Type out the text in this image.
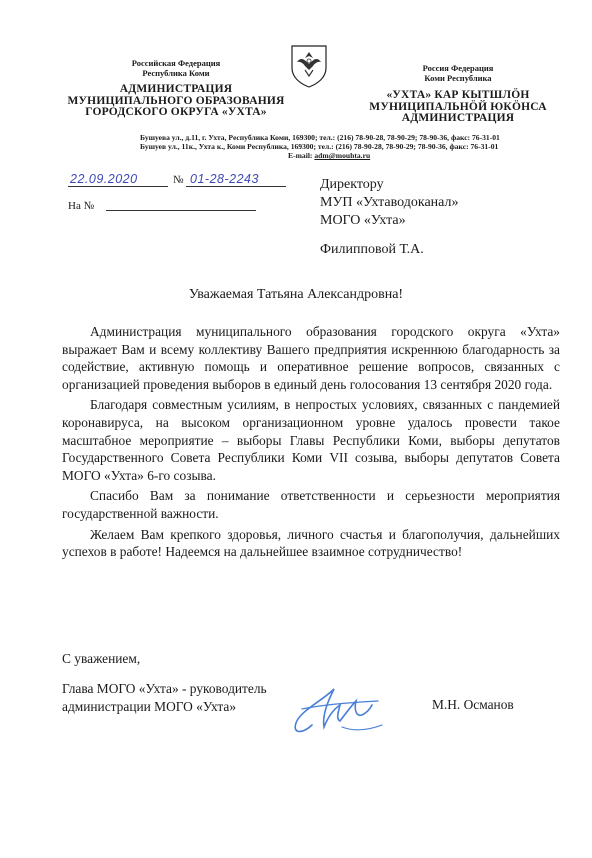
Российская Федерация
Республика Коми
АДМИНИСТРАЦИЯ
МУНИЦИПАЛЬНОГО ОБРАЗОВАНИЯ
ГОРОДСКОГО ОКРУГА «УХТА»
Россия Федерация
Коми Республика
«УХТА» КАР КЫТШЛӦН
МУНИЦИПАЛЬНӦЙ ЮКӦНСА
АДМИНИСТРАЦИЯ
Бушуева ул., д.11, г. Ухта, Республика Коми, 169300; тел.: (216) 78-90-28, 78-90-29; 78-90-36, факс: 76-31-01
Бушуев ул., 11к., Ухта к., Коми Республика, 169300; тел.: (216) 78-90-28, 78-90-29; 78-90-36, факс: 76-31-01
E-mail: adm@mouhta.ru
22.09.2020	№ 01-28-2243
На №
Директору
МУП «Ухтаводоканал»
МОГО «Ухта»
Филипповой Т.А.
Уважаемая Татьяна Александровна!

Администрация муниципального образования городского округа «Ухта» выражает Вам и всему коллективу Вашего предприятия искреннюю благодарность за содействие, активную помощь и оперативное решение вопросов, связанных с организацией проведения выборов в единый день голосования 13 сентября 2020 года.

Благодаря совместным усилиям, в непростых условиях, связанных с пандемией коронавируса, на высоком организационном уровне удалось провести такое масштабное мероприятие – выборы Главы Республики Коми, выборы депутатов Государственного Совета Республики Коми VII созыва, выборы депутатов Совета МОГО «Ухта» 6-го созыва.

Спасибо Вам за понимание ответственности и серьезности мероприятия государственной важности.

Желаем Вам крепкого здоровья, личного счастья и благополучия, дальнейших успехов в работе! Надеемся на дальнейшее взаимное сотрудничество!

С уважением,
Глава МОГО «Ухта» - руководитель
администрации МОГО «Ухта»	М.Н. Османов
